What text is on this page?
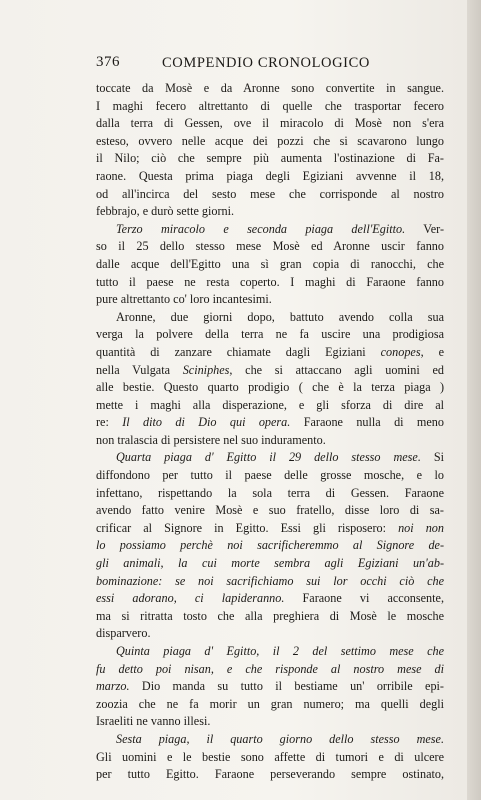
376	COMPENDIO CRONOLOGICO
toccate da Mosè e da Aronne sono convertite in sangue.
I maghi fecero altrettanto di quelle che trasportar fecero
dalla terra di Gessen, ove il miracolo di Mosè non s'era
esteso, ovvero nelle acque dei pozzi che si scavarono lungo
il Nilo; ciò che sempre più aumenta l'ostinazione di Fa-
raone. Questa prima piaga degli Egiziani avvenne il 18,
od all'incirca del sesto mese che corrisponde al nostro
febbrajo, e durò sette giorni.
Terzo miracolo e seconda piaga dell'Egitto. Ver-
so il 25 dello stesso mese Mosè ed Aronne uscir fanno
dalle acque dell'Egitto una sì gran copia di ranocchi, che
tutto il paese ne resta coperto. I maghi di Faraone fanno
pure altrettanto co' loro incantesimi.
Aronne, due giorni dopo, battuto avendo colla sua
verga la polvere della terra ne fa uscire una prodigiosa
quantità di zanzare chiamate dagli Egiziani conopes, e
nella Vulgata Sciniphes, che si attaccano agli uomini ed
alle bestie. Questo quarto prodigio ( che è la terza piaga )
mette i maghi alla disperazione, e gli sforza di dire al
re: Il dito di Dio qui opera. Faraone nulla di meno
non tralascia di persistere nel suo induramento.
Quarta piaga d' Egitto il 29 dello stesso mese. Si
diffondono per tutto il paese delle grosse mosche, e lo
infettano, rispettando la sola terra di Gessen. Faraone
avendo fatto venire Mosè e suo fratello, disse loro di sa-
crificar al Signore in Egitto. Essi gli risposero: noi non
lo possiamo perchè noi sacrificheremmo al Signore de-
gli animali, la cui morte sembra agli Egiziani un'ab-
bominazione: se noi sacrifichiamo sui lor occhi ciò che
essi adorano, ci lapideranno. Faraone vi acconsente,
ma si ritratta tosto che alla preghiera di Mosè le mosche
disparvero.
Quinta piaga d' Egitto, il 2 del settimo mese che
fu detto poi nisan, e che risponde al nostro mese di
marzo. Dio manda su tutto il bestiame un' orribile epi-
zoozia che ne fa morir un gran numero; ma quelli degli
Israeliti ne vanno illesi.
Sesta piaga, il quarto giorno dello stesso mese.
Gli uomini e le bestie sono affette di tumori e di ulcere
per tutto Egitto. Faraone perseverando sempre ostinato,
